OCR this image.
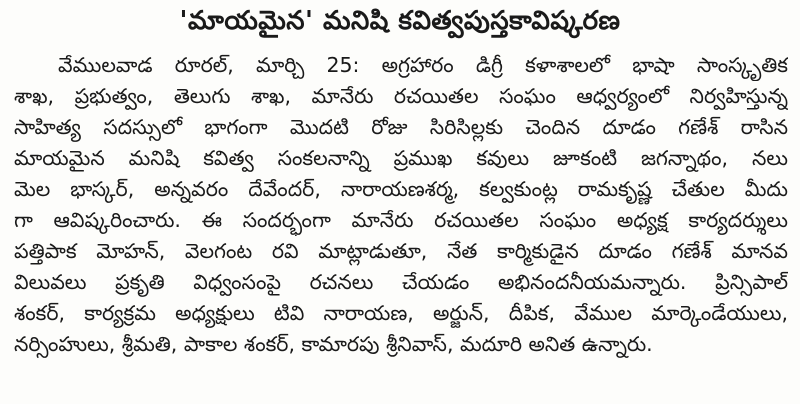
'మాయమైన' మనిషి కవిత్వపుస్తకావిష్కరణ
వేములవాడ రూరల్, మార్చి 25: అగ్రహారం డిగ్రీ కళాశాలలో భాషా సాంస్కృతిక
శాఖ, ప్రభుత్వం, తెలుగు శాఖ, మానేరు రచయితల సంఘం ఆధ్వర్యంలో నిర్వహిస్తున్న
సాహిత్య సదస్సులో భాగంగా మొదటి రోజు సిరిసిల్లకు చెందిన దూడం గణేశ్ రాసిన
మాయమైన మనిషి కవిత్వ సంకలనాన్ని ప్రముఖ కవులు జూకంటి జగన్నాథం, నలు
మెల భాస్కర్, అన్నవరం దేవేందర్, నారాయణశర్మ, కల్వకుంట్ల రామకృష్ణ చేతుల మీదు
గా ఆవిష్కరించారు. ఈ సందర్భంగా మానేరు రచయితల సంఘం అధ్యక్ష కార్యదర్శులు
పత్తిపాక మోహన్, వెలగంట రవి మాట్లాడుతూ, నేత కార్మికుడైన దూడం గణేశ్ మానవ
విలువలు ప్రకృతి విధ్వంసంపై రచనలు చేయడం అభినందనీయమన్నారు. ప్రిన్సిపాల్
శంకర్, కార్యక్రమ అధ్యక్షులు టివి నారాయణ, అర్జున్, దీపిక, వేముల మార్కెండేయులు,
నర్సింహులు, శ్రీమతి, పాకాల శంకర్, కామారపు శ్రీనివాస్, మదూరి అనిత ఉన్నారు.
